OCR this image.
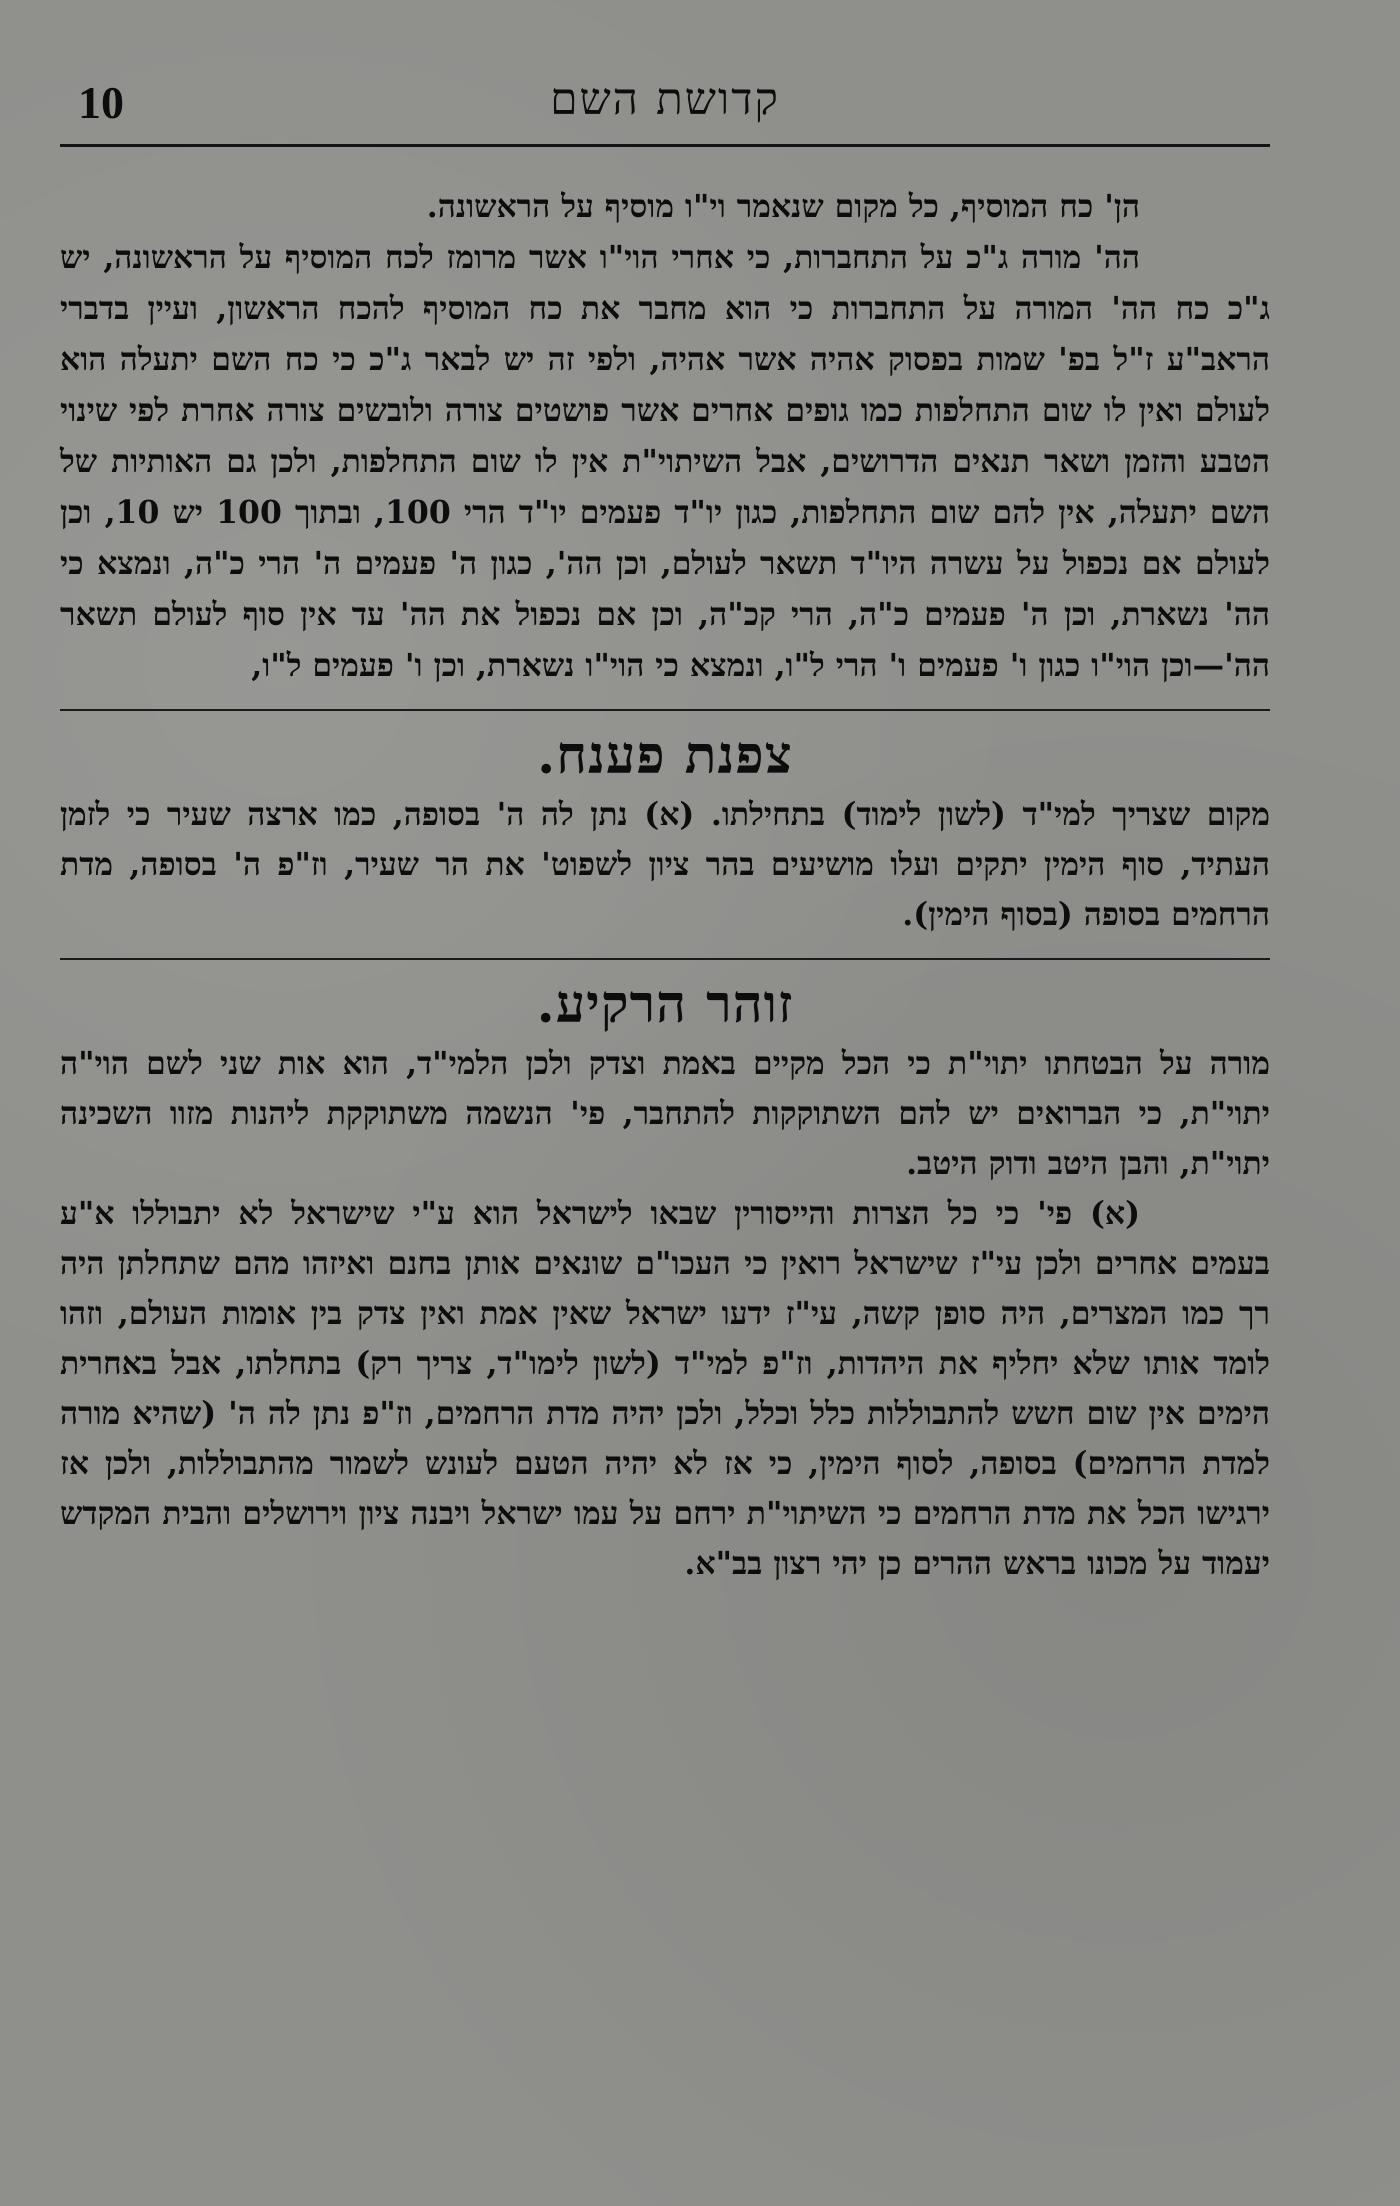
10	קדושת השם

הן' כח המוסיף, כל מקום שנאמר וי"ו מוסיף על הראשונה.

הה' מורה ג"כ על התחברות, כי אחרי הוי"ו אשר מרומז לכח המוסיף על הראשונה, יש ג"כ כח הה' המורה על התחברות כי הוא מחבר את כח המוסיף להכח הראשון, ועיין בדברי הראב"ע ז"ל בפ' שמות בפסוק אהיה אשר אהיה, ולפי זה יש לבאר ג"כ כי כח השם יתעלה הוא לעולם ואין לו שום התחלפות כמו גופים אחרים אשר פושטים צורה ולובשים צורה אחרת לפי שינוי הטבע והזמן ושאר תנאים הדרושים, אבל השיתוי"ת אין לו שום התחלפות, ולכן גם האותיות של השם יתעלה, אין להם שום התחלפות, כגון יו"ד פעמים יו"ד הרי 100, ובתוך 100 יש 10, וכן לעולם אם נכפול על עשרה היו"ד תשאר לעולם, וכן הה', כגון ה' פעמים ה' הרי כ"ה, ונמצא כי הה' נשארת, וכן ה' פעמים כ"ה, הרי קכ"ה, וכן אם נכפול את הה' עד אין סוף לעולם תשאר הה'—וכן הוי"ו כגון ו' פעמים ו' הרי ל"ו, ונמצא כי הוי"ו נשארת, וכן ו' פעמים ל"ו,

צפנת פענח.

מקום שצריך למי"ד (לשון לימוד) בתחילתו. (א) נתן לה ה' בסופה, כמו ארצה שעיר כי לזמן העתיד, סוף הימין יתקים ועלו מושיעים בהר ציון לשפוט' את הר שעיר, וז"פ ה' בסופה, מדת הרחמים בסופה (בסוף הימין).

זוהר הרקיע.

מורה על הבטחתו יתוי"ת כי הכל מקיים באמת וצדק ולכן הלמי"ד, הוא אות שני לשם הוי"ה יתוי"ת, כי הברואים יש להם השתוקקות להתחבר, פי' הנשמה משתוקקת ליהנות מזוו השכינה יתוי"ת, והבן היטב ודוק היטב.

(א) פי' כי כל הצרות והייסורין שבאו לישראל הוא ע"י שישראל לא יתבוללו א"ע בעמים אחרים ולכן עי"ז שישראל רואין כי העכו"ם שונאים אותן בחנם ואיזהו מהם שתחלתן היה רך כמו המצרים, היה סופן קשה, עי"ז ידעו ישראל שאין אמת ואין צדק בין אומות העולם, וזהו לומד אותו שלא יחליף את היהדות, וז"פ למי"ד (לשון לימו"ד, צריך רק) בתחלתו, אבל באחרית הימים אין שום חשש להתבוללות כלל וכלל, ולכן יהיה מדת הרחמים, וז"פ נתן לה ה' (שהיא מורה למדת הרחמים) בסופה, לסוף הימין, כי אז לא יהיה הטעם לעונש לשמור מהתבוללות, ולכן אז ירגישו הכל את מדת הרחמים כי השיתוי"ת ירחם על עמו ישראל ויבנה ציון וירושלים והבית המקדש יעמוד על מכונו בראש ההרים כן יהי רצון בב"א.
